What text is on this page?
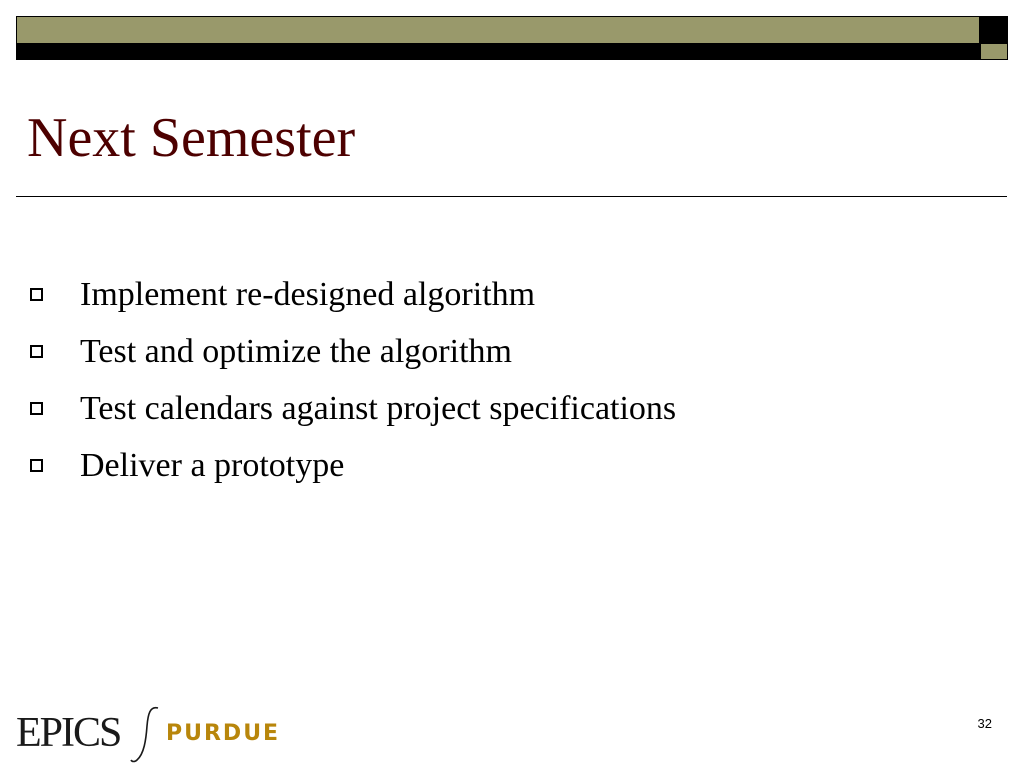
Next Semester
Implement re-designed algorithm
Test and optimize the algorithm
Test calendars against project specifications
Deliver a prototype
EPICS PURDUE	32
